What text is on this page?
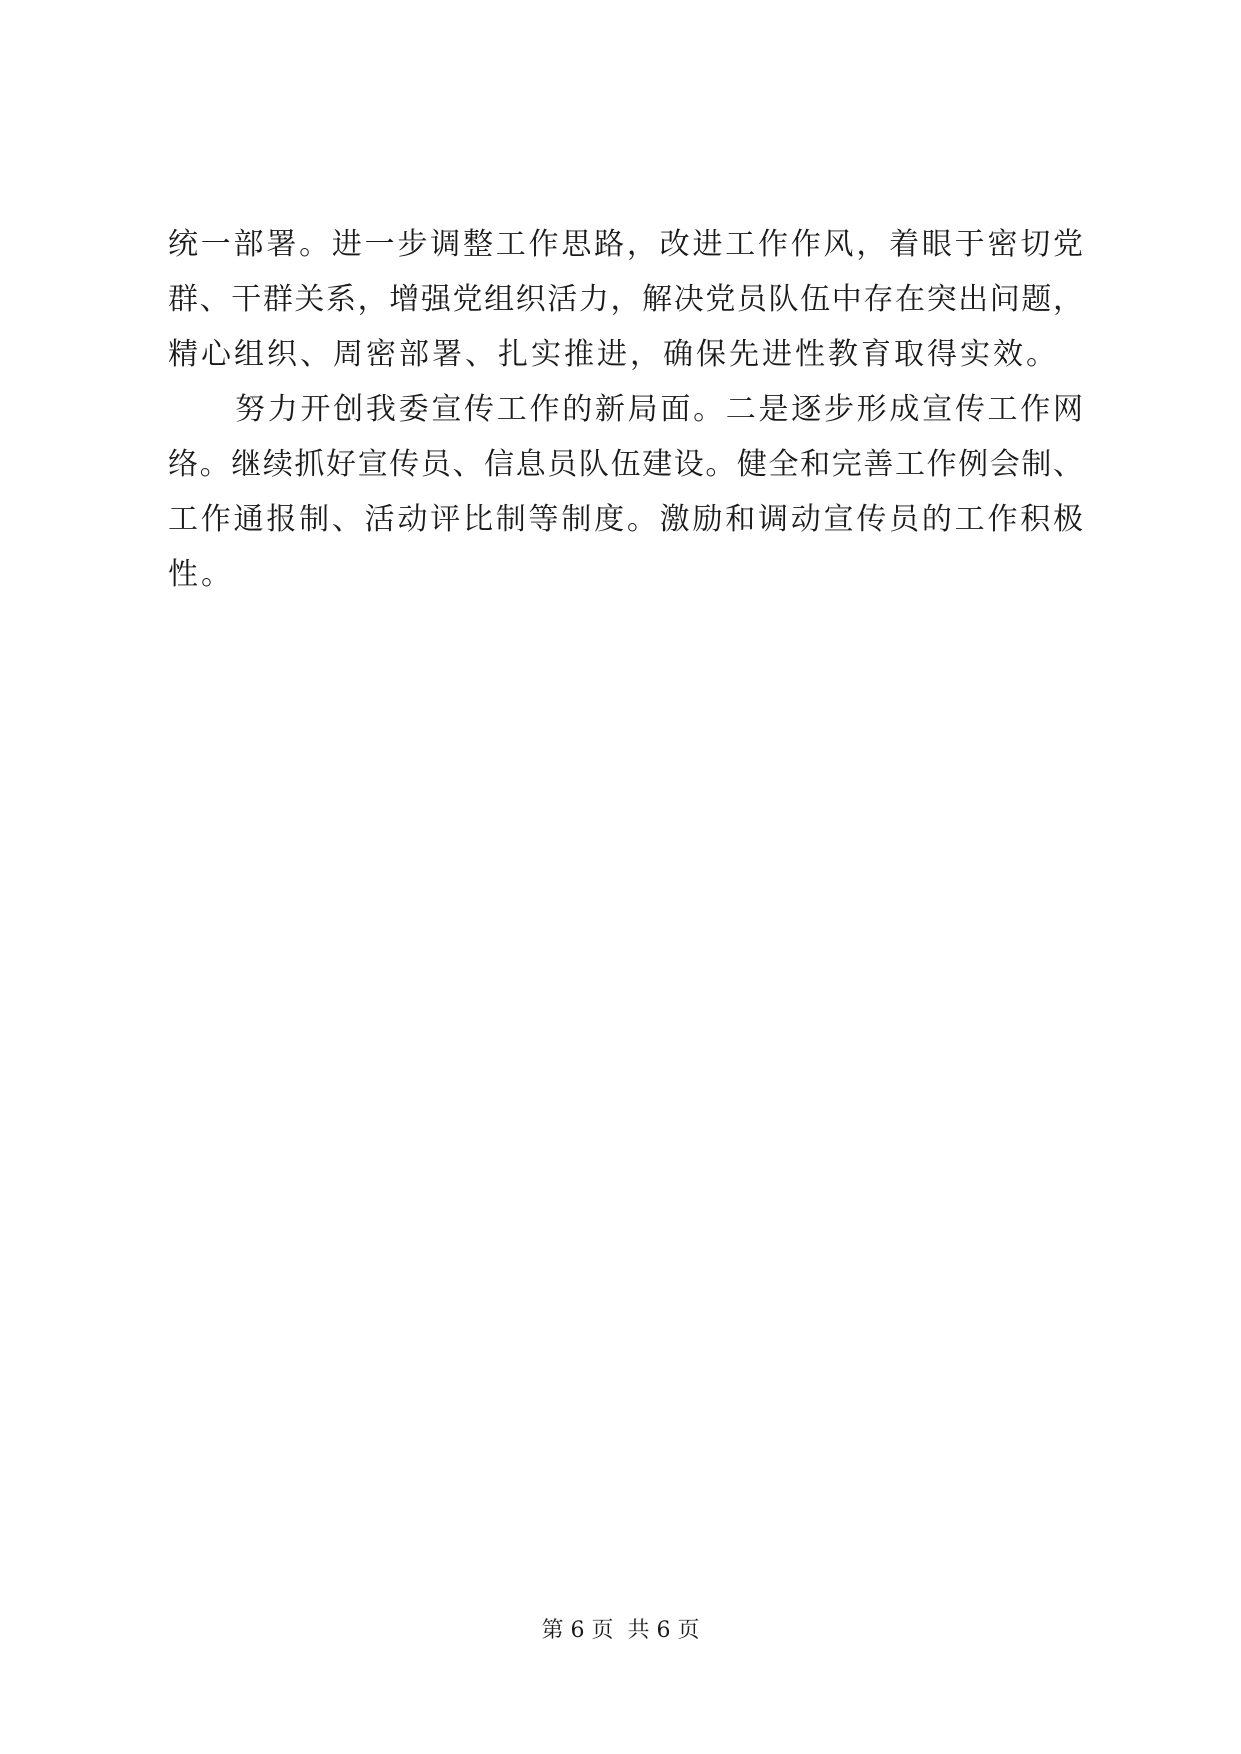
统一部署。进一步调整工作思路，改进工作作风，着眼于密切党
群、干群关系，增强党组织活力，解决党员队伍中存在突出问题，
精心组织、周密部署、扎实推进，确保先进性教育取得实效。
努力开创我委宣传工作的新局面。二是逐步形成宣传工作网
络。继续抓好宣传员、信息员队伍建设。健全和完善工作例会制、
工作通报制、活动评比制等制度。激励和调动宣传员的工作积极
性。
第 6 页 共 6 页
